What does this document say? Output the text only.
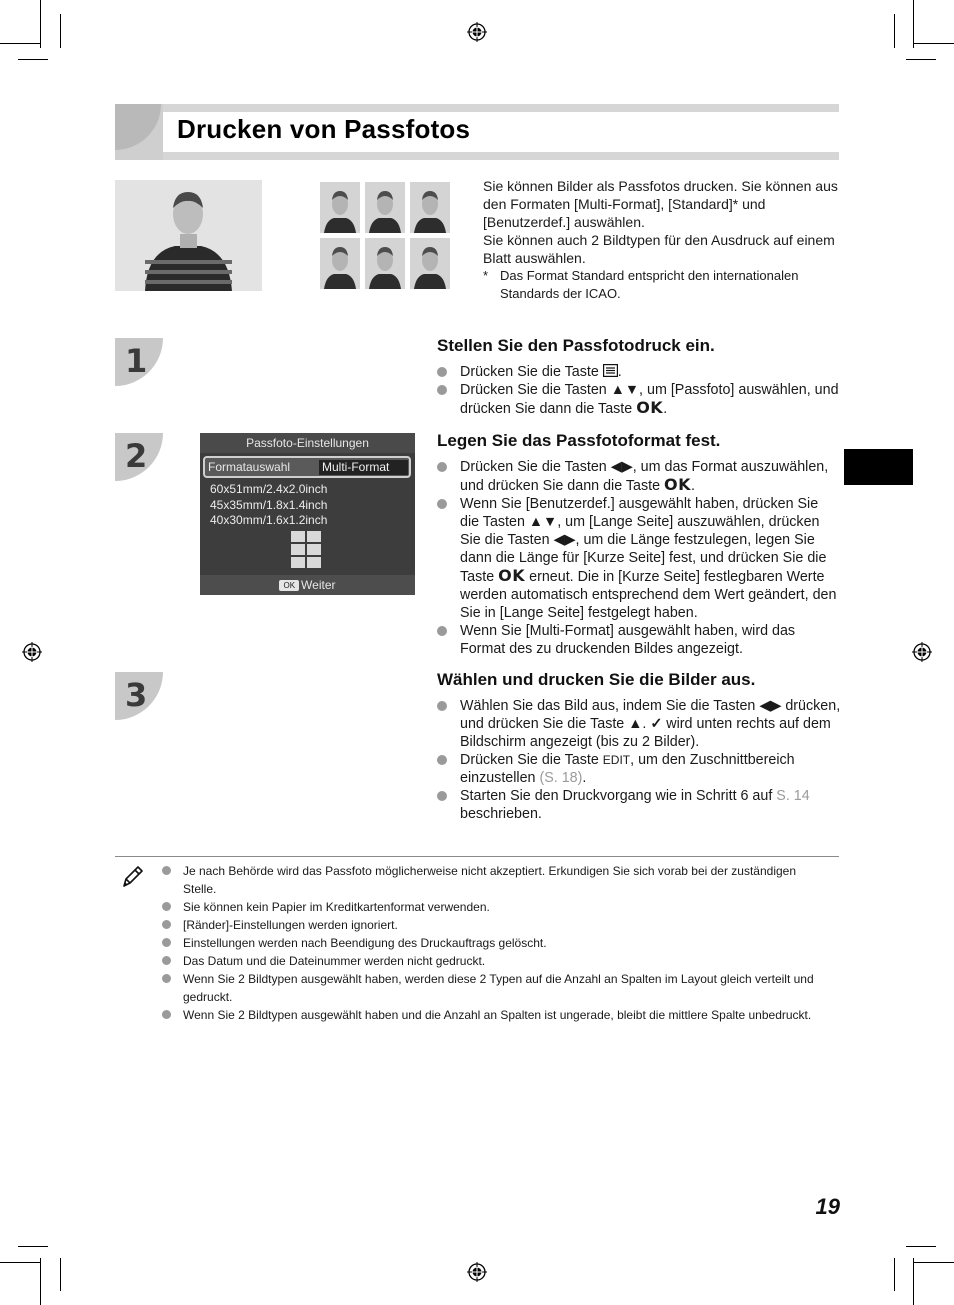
Drucken von Passfotos

Sie können Bilder als Passfotos drucken. Sie können aus den Formaten [Multi-Format], [Standard]* und [Benutzerdef.] auswählen.

Sie können auch 2 Bildtypen für den Ausdruck auf einem Blatt auswählen.

* Das Format Standard entspricht den internationalen Standards der ICAO.
1
2
3
Stellen Sie den Passfotodruck ein.
Drücken Sie die Taste .
Drücken Sie die Tasten ▲▼, um [Passfoto] auswählen, und drücken Sie dann die Taste OK.
Legen Sie das Passfotoformat fest.
Drücken Sie die Tasten ◀▶, um das Format auszuwählen, und drücken Sie dann die Taste OK.
Wenn Sie [Benutzerdef.] ausgewählt haben, drücken Sie die Tasten ▲▼, um [Lange Seite] auszuwählen, drücken Sie die Tasten ◀▶, um die Länge festzulegen, legen Sie dann die Länge für [Kurze Seite] fest, und drücken Sie die Taste OK erneut. Die in [Kurze Seite] festlegbaren Werte werden automatisch entsprechend dem Wert geändert, den Sie in [Lange Seite] festgelegt haben.
Wenn Sie [Multi-Format] ausgewählt haben, wird das Format des zu druckenden Bildes angezeigt.
Wählen und drucken Sie die Bilder aus.
Wählen Sie das Bild aus, indem Sie die Tasten ◀▶ drücken, und drücken Sie die Taste ▲. ✓ wird unten rechts auf dem Bildschirm angezeigt (bis zu 2 Bilder).
Drücken Sie die Taste EDIT, um den Zuschnittbereich einzustellen (S. 18).
Starten Sie den Druckvorgang wie in Schritt 6 auf S. 14 beschrieben.
Passfoto-Einstellungen
Formatauswahl	Multi-Format
60x51mm/2.4x2.0inch
45x35mm/1.8x1.4inch
40x30mm/1.6x1.2inch
OK Weiter
Je nach Behörde wird das Passfoto möglicherweise nicht akzeptiert. Erkundigen Sie sich vorab bei der zuständigen Stelle.
Sie können kein Papier im Kreditkartenformat verwenden.
[Ränder]-Einstellungen werden ignoriert.
Einstellungen werden nach Beendigung des Druckauftrags gelöscht.
Das Datum und die Dateinummer werden nicht gedruckt.
Wenn Sie 2 Bildtypen ausgewählt haben, werden diese 2 Typen auf die Anzahl an Spalten im Layout gleich verteilt und gedruckt.
Wenn Sie 2 Bildtypen ausgewählt haben und die Anzahl an Spalten ist ungerade, bleibt die mittlere Spalte unbedruckt.
19
